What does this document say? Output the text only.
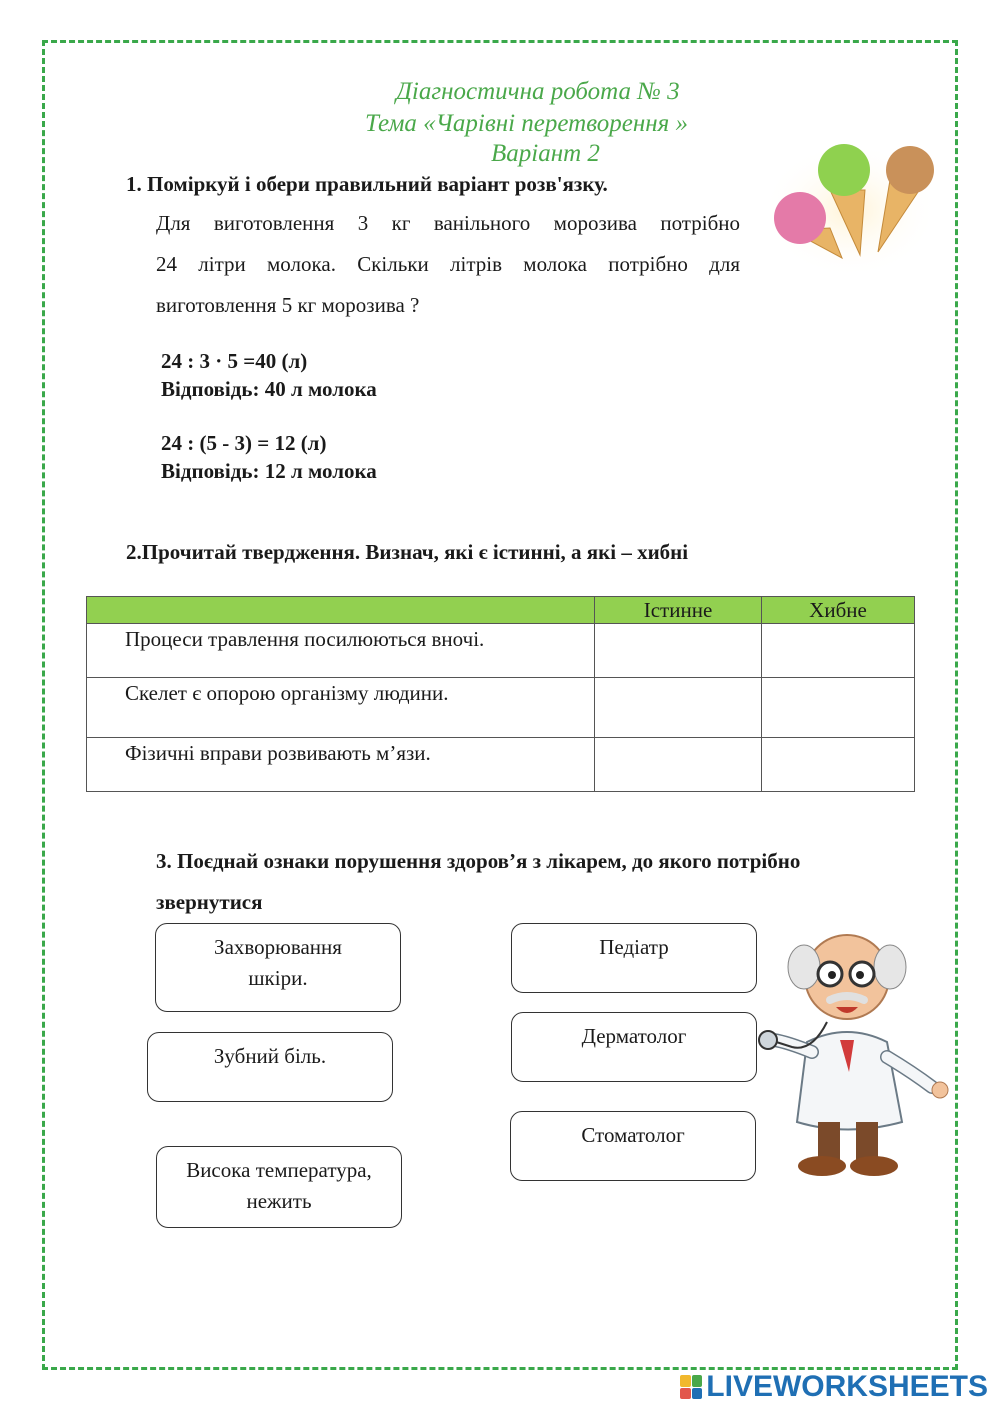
Діагностична робота № 3
Тема «Чарівні перетворення »
Варіант 2
1. Поміркуй і обери правильний варіант розв'язку.
Для виготовлення 3 кг ванільного морозива потрібно
24 літри молока. Скільки літрів молока потрібно для
виготовлення 5 кг морозива ?
24 : 3 · 5 =40 (л)
Відповідь: 40 л молока
24 : (5 - 3) = 12 (л)
Відповідь: 12 л молока
2.Прочитай твердження. Визнач, які є істинні, а які – хибні
	Істинне	Хибне
Процеси травлення посилюються вночі.		
Скелет є опорою організму людини.		
Фізичні вправи розвивають м’язи.		
3. Поєднай ознаки порушення здоров’я з лікарем, до якого потрібно
звернутися
Захворювання
шкіри.
Зубний біль.
Висока температура,
нежить
Педіатр
Дерматолог
Стоматолог
LIVEWORKSHEETS
